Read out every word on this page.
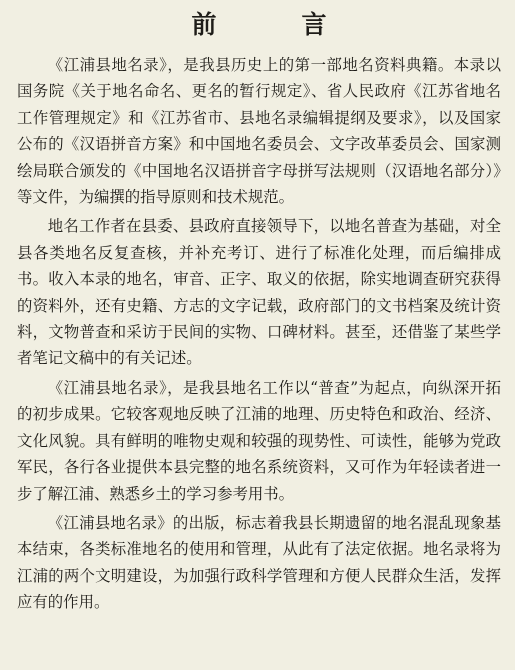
前　言

《江浦县地名录》，是我县历史上的第一部地名资料典籍。本录以国务院《关于地名命名、更名的暂行规定》、省人民政府《江苏省地名工作管理规定》和《江苏省市、县地名录编辑提纲及要求》，以及国家公布的《汉语拼音方案》和中国地名委员会、文字改革委员会、国家测绘局联合颁发的《中国地名汉语拼音字母拼写法规则（汉语地名部分）》等文件，为编撰的指导原则和技术规范。

地名工作者在县委、县政府直接领导下，以地名普查为基础，对全县各类地名反复查核，并补充考订、进行了标准化处理，而后编排成书。收入本录的地名，审音、正字、取义的依据，除实地调查研究获得的资料外，还有史籍、方志的文字记载，政府部门的文书档案及统计资料，文物普查和采访于民间的实物、口碑材料。甚至，还借鉴了某些学者笔记文稿中的有关记述。

《江浦县地名录》，是我县地名工作以“普查”为起点，向纵深开拓的初步成果。它较客观地反映了江浦的地理、历史特色和政治、经济、文化风貌。具有鲜明的唯物史观和较强的现势性、可读性，能够为党政军民，各行各业提供本县完整的地名系统资料，又可作为年轻读者进一步了解江浦、熟悉乡土的学习参考用书。

《江浦县地名录》的出版，标志着我县长期遗留的地名混乱现象基本结束，各类标准地名的使用和管理，从此有了法定依据。地名录将为江浦的两个文明建设，为加强行政科学管理和方便人民群众生活，发挥应有的作用。
